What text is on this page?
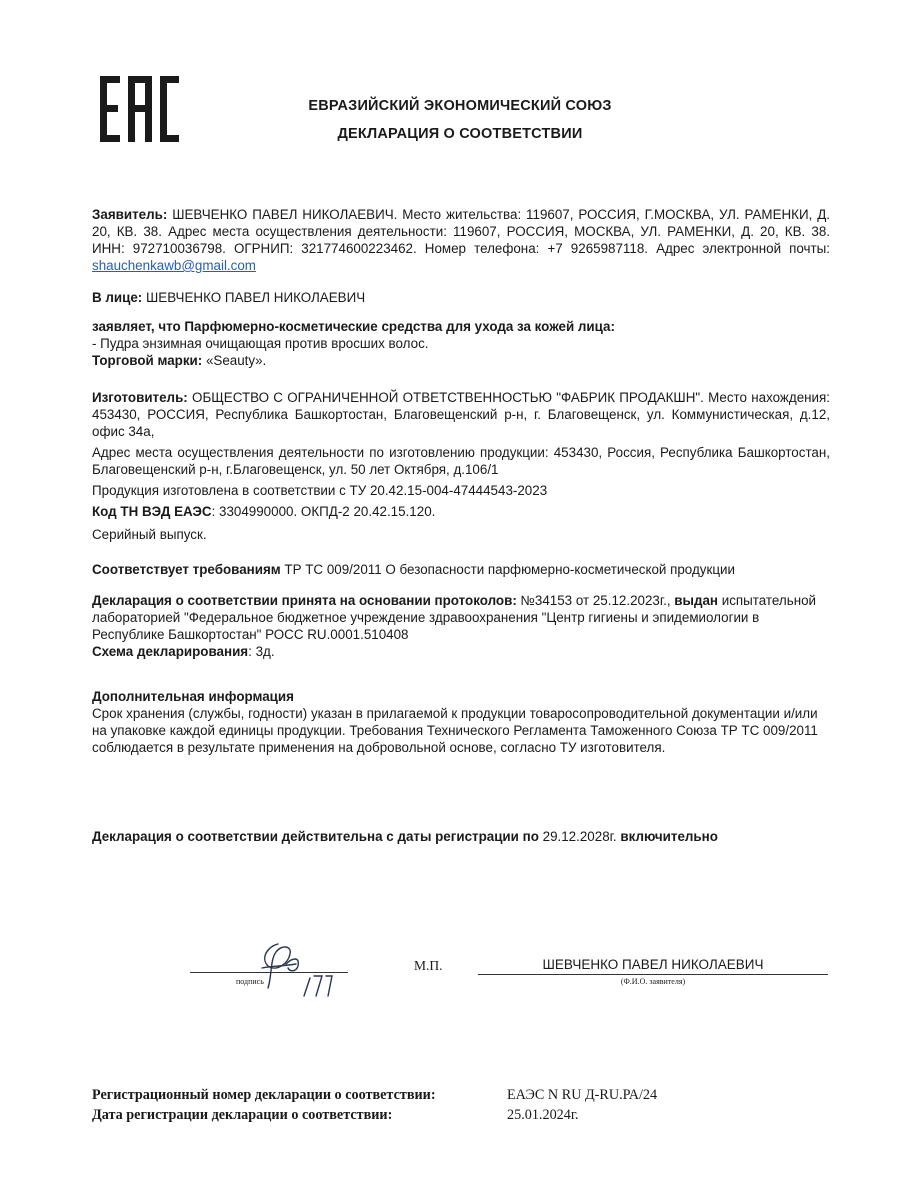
ЕВРАЗИЙСКИЙ ЭКОНОМИЧЕСКИЙ СОЮЗ
ДЕКЛАРАЦИЯ О СООТВЕТСТВИИ
Заявитель: ШЕВЧЕНКО ПАВЕЛ НИКОЛАЕВИЧ. Место жительства: 119607, РОССИЯ, Г.МОСКВА, УЛ. РАМЕНКИ, Д. 20, КВ. 38. Адрес места осуществления деятельности: 119607, РОССИЯ, МОСКВА, УЛ. РАМЕНКИ, Д. 20, КВ. 38. ИНН: 972710036798. ОГРНИП: 321774600223462. Номер телефона: +7 9265987118. Адрес электронной почты: shauchenkawb@gmail.com
В лице: ШЕВЧЕНКО ПАВЕЛ НИКОЛАЕВИЧ
заявляет, что Парфюмерно-косметические средства для ухода за кожей лица:
- Пудра энзимная очищающая против вросших волос.
Торговой марки: «Seauty».
Изготовитель: ОБЩЕСТВО С ОГРАНИЧЕННОЙ ОТВЕТСТВЕННОСТЬЮ "ФАБРИК ПРОДАКШН". Место нахождения: 453430, РОССИЯ, Республика Башкортостан, Благовещенский р-н, г. Благовещенск, ул. Коммунистическая, д.12, офис 34а,
Адрес места осуществления деятельности по изготовлению продукции: 453430, Россия, Республика Башкортостан, Благовещенский р-н, г.Благовещенск, ул. 50 лет Октября, д.106/1
Продукция изготовлена в соответствии с ТУ 20.42.15-004-47444543-2023
Код ТН ВЭД ЕАЭС: 3304990000. ОКПД-2 20.42.15.120.
Серийный выпуск.
Соответствует требованиям ТР ТС 009/2011 О безопасности парфюмерно-косметической продукции
Декларация о соответствии принята на основании протоколов: №34153 от 25.12.2023г., выдан испытательной лабораторией "Федеральное бюджетное учреждение здравоохранения "Центр гигиены и эпидемиологии в Республике Башкортостан" РОСС RU.0001.510408
Схема декларирования: 3д.
Дополнительная информация
Срок хранения (службы, годности) указан в прилагаемой к продукции товаросопроводительной документации и/или на упаковке каждой единицы продукции. Требования Технического Регламента Таможенного Союза ТР ТС 009/2011 соблюдается в результате применения на добровольной основе, согласно ТУ изготовителя.
Декларация о соответствии действительна с даты регистрации по 29.12.2028г. включительно
подпись
М.П.	ШЕВЧЕНКО ПАВЕЛ НИКОЛАЕВИЧ
(Ф.И.О. заявителя)
Регистрационный номер декларации о соответствии:	ЕАЭС N RU Д-RU.РА/24
Дата регистрации декларации о соответствии:	25.01.2024г.
